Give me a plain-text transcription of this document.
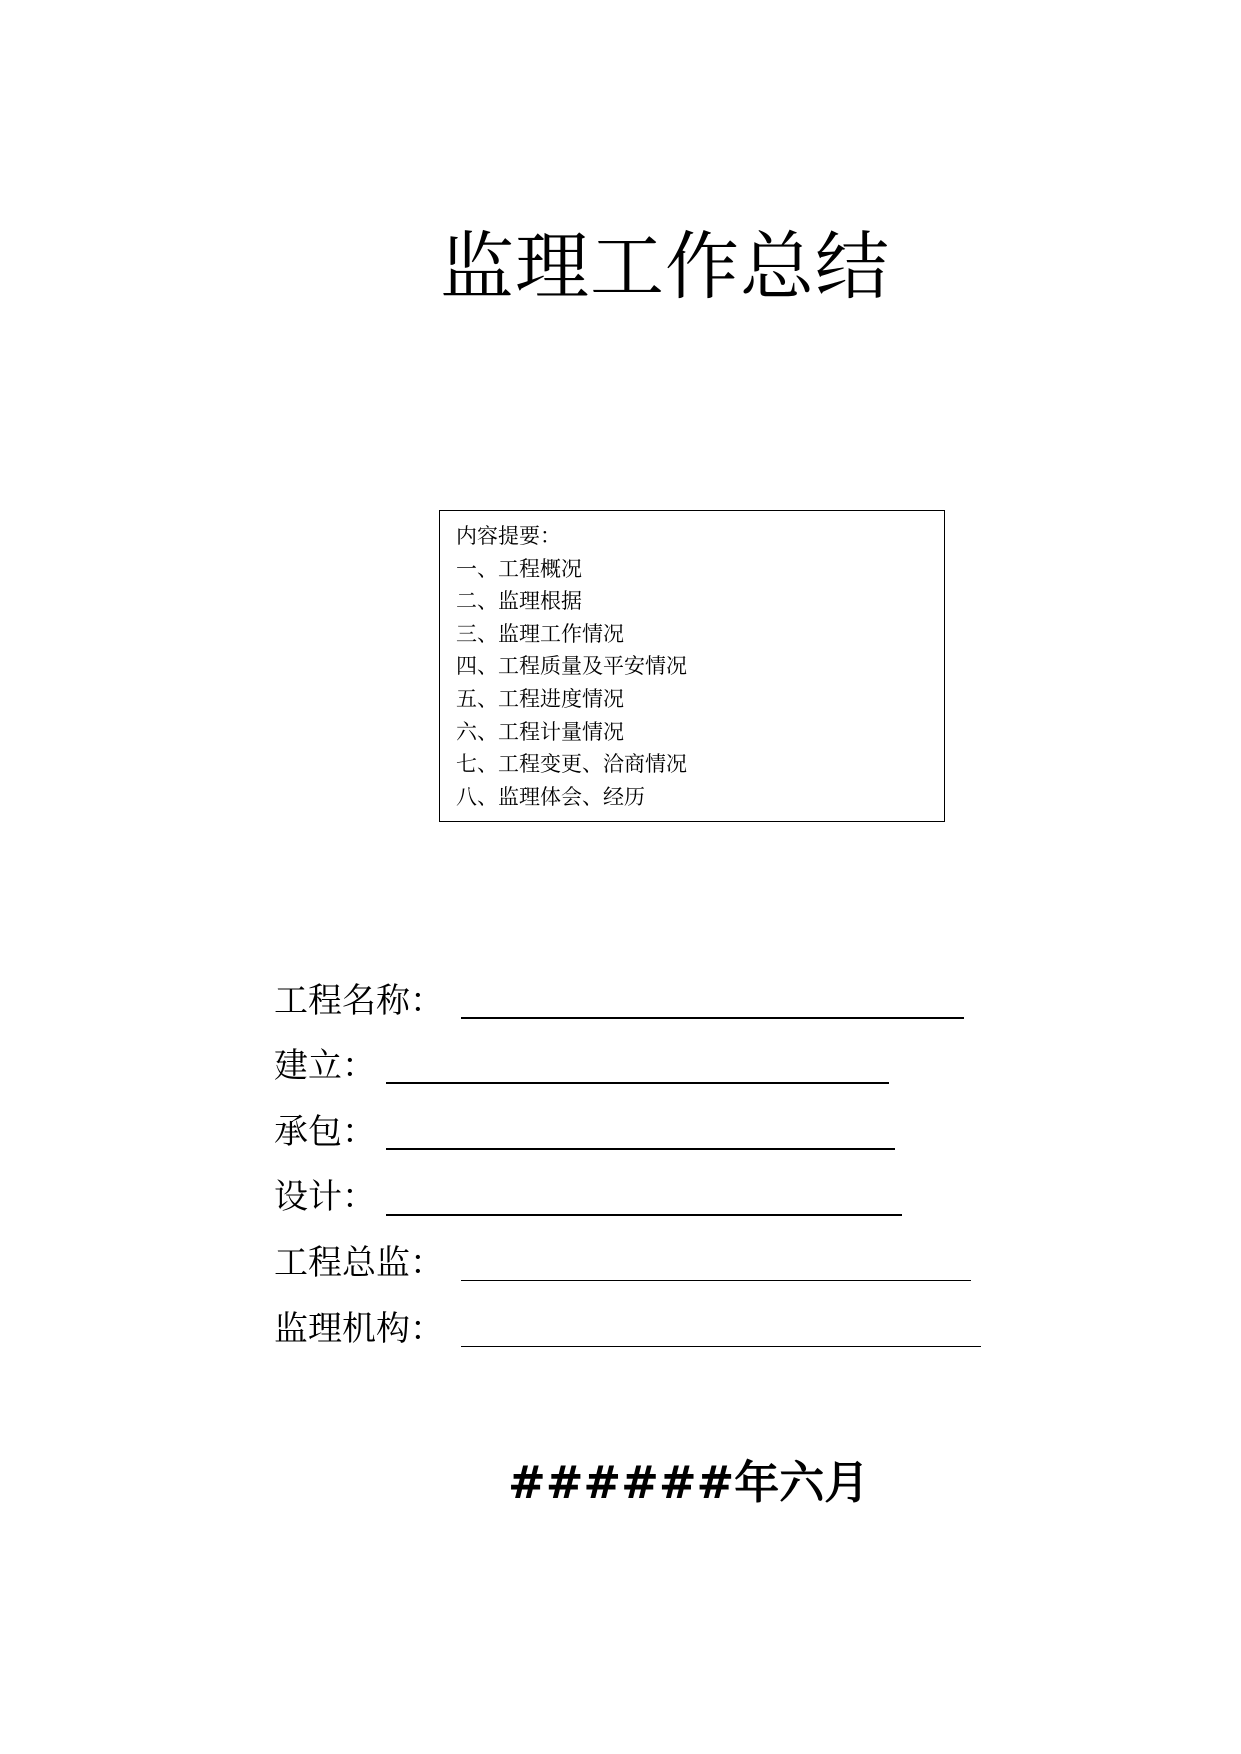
监理工作总结
内容提要：
一、工程概况
二、监理根据
三、监理工作情况
四、工程质量及平安情况
五、工程进度情况
六、工程计量情况
七、工程变更、洽商情况
八、监理体会、经历
工程名称：
建立：
承包：
设计：
工程总监：
监理机构：
######年六月
